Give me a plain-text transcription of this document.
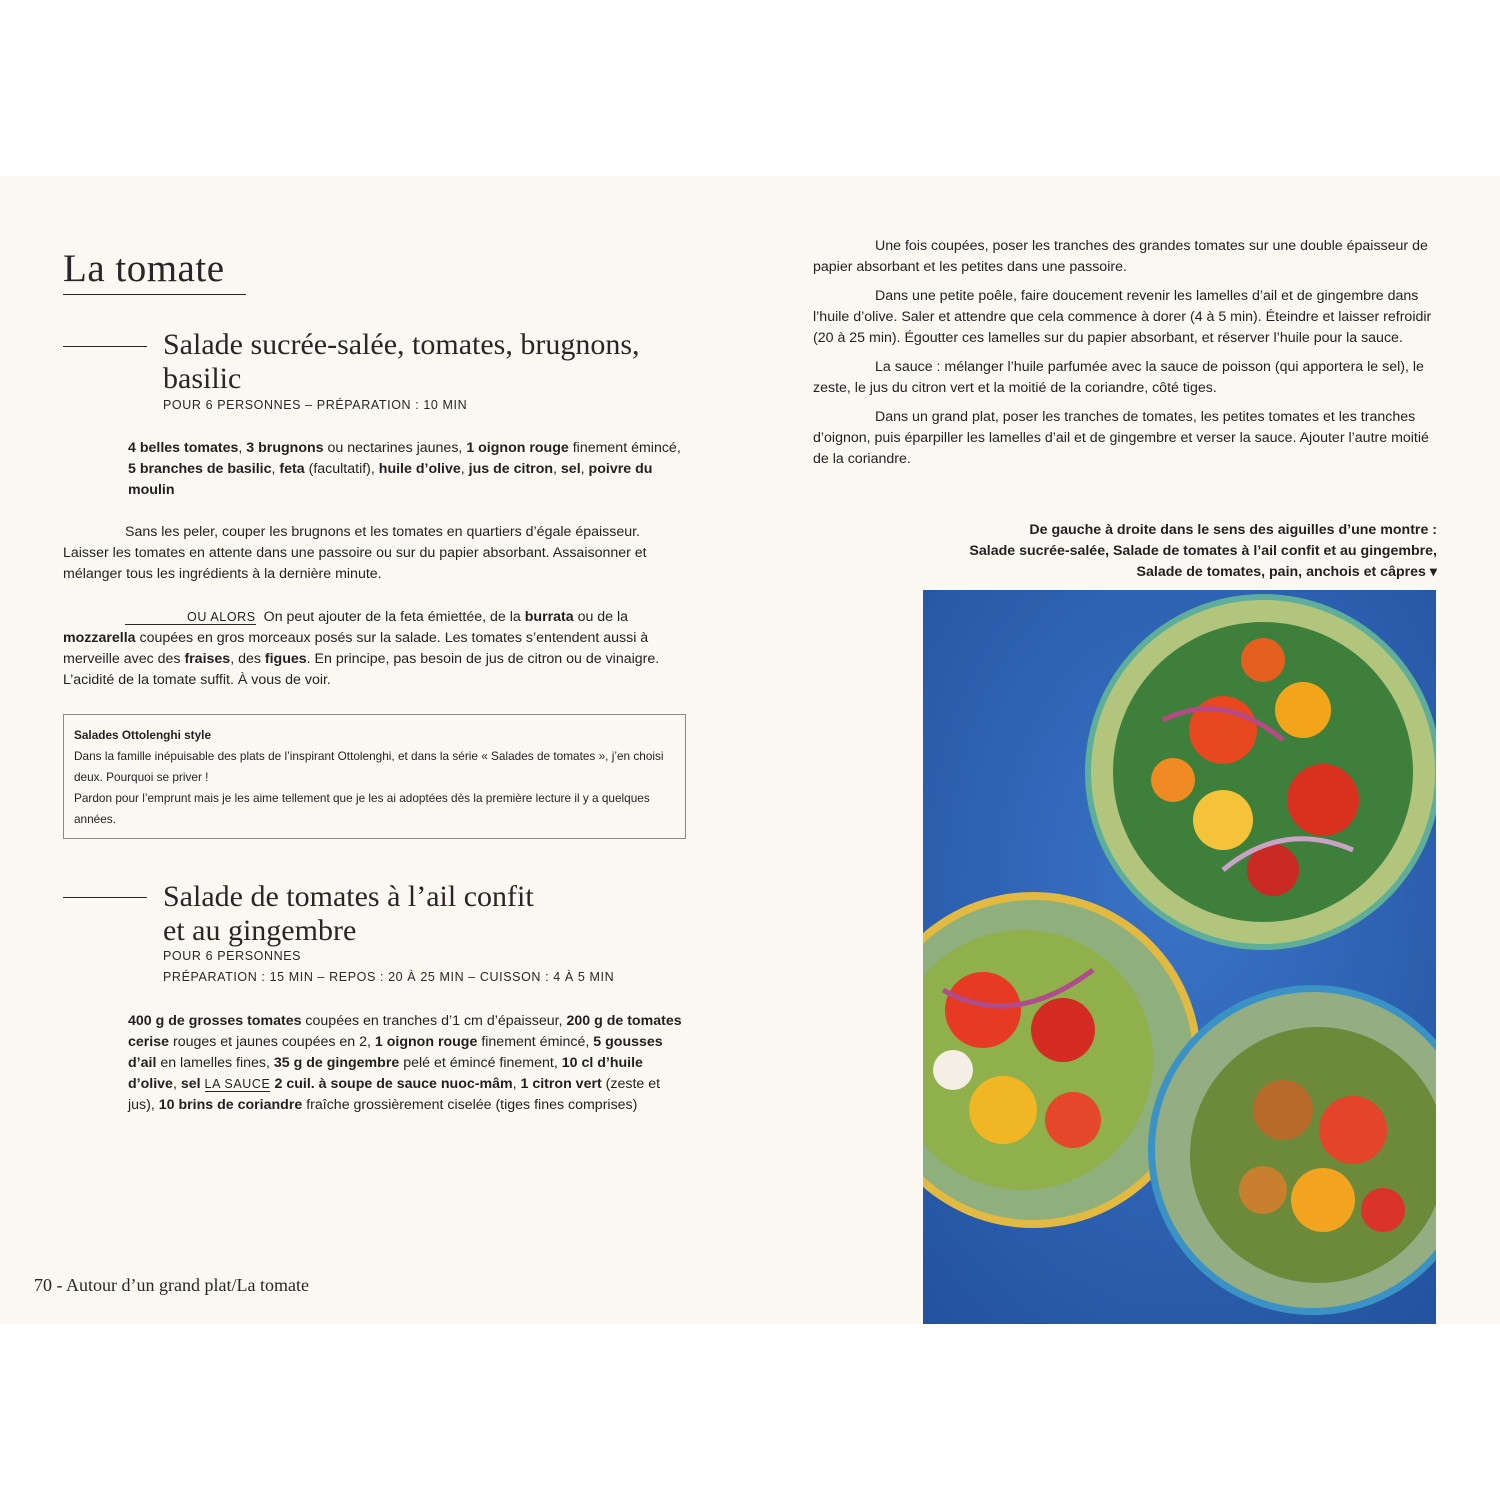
La tomate
Salade sucrée-salée, tomates, brugnons, basilic
POUR 6 PERSONNES – PRÉPARATION : 10 MIN

4 belles tomates, 3 brugnons ou nectarines jaunes, 1 oignon rouge finement émincé, 5 branches de basilic, feta (facultatif), huile d’olive, jus de citron, sel, poivre du moulin

Sans les peler, couper les brugnons et les tomates en quartiers d’égale épaisseur. Laisser les tomates en attente dans une passoire ou sur du papier absorbant. Assaisonner et mélanger tous les ingrédients à la dernière minute.

OU ALORS On peut ajouter de la feta émiettée, de la burrata ou de la mozzarella coupées en gros morceaux posés sur la salade. Les tomates s’entendent aussi à merveille avec des fraises, des figues. En principe, pas besoin de jus de citron ou de vinaigre. L’acidité de la tomate suffit. À vous de voir.

Salades Ottolenghi style
Dans la famille inépuisable des plats de l’inspirant Ottolenghi, et dans la série « Salades de tomates », j’en choisi deux. Pourquoi se priver !
Pardon pour l’emprunt mais je les aime tellement que je les ai adoptées dès la première lecture il y a quelques années.
Salade de tomates à l’ail confit
et au gingembre
POUR 6 PERSONNES
PRÉPARATION : 15 MIN – REPOS : 20 À 25 MIN – CUISSON : 4 À 5 MIN

400 g de grosses tomates coupées en tranches d’1 cm d’épaisseur, 200 g de tomates cerise rouges et jaunes coupées en 2, 1 oignon rouge finement émincé, 5 gousses d’ail en lamelles fines, 35 g de gingembre pelé et émincé finement, 10 cl d’huile d’olive, sel LA SAUCE 2 cuil. à soupe de sauce nuoc-mâm, 1 citron vert (zeste et jus), 10 brins de coriandre fraîche grossièrement ciselée (tiges fines comprises)

70 - Autour d’un grand plat/La tomate

Une fois coupées, poser les tranches des grandes tomates sur une double épaisseur de papier absorbant et les petites dans une passoire.

Dans une petite poêle, faire doucement revenir les lamelles d’ail et de gingembre dans l’huile d’olive. Saler et attendre que cela commence à dorer (4 à 5 min). Éteindre et laisser refroidir (20 à 25 min). Égoutter ces lamelles sur du papier absorbant, et réserver l’huile pour la sauce.

La sauce : mélanger l’huile parfumée avec la sauce de poisson (qui apportera le sel), le zeste, le jus du citron vert et la moitié de la coriandre, côté tiges.

Dans un grand plat, poser les tranches de tomates, les petites tomates et les tranches d’oignon, puis éparpiller les lamelles d’ail et de gingembre et verser la sauce. Ajouter l’autre moitié de la coriandre.

De gauche à droite dans le sens des aiguilles d’une montre :
Salade sucrée-salée, Salade de tomates à l’ail confit et au gingembre,
Salade de tomates, pain, anchois et câpres ▾
